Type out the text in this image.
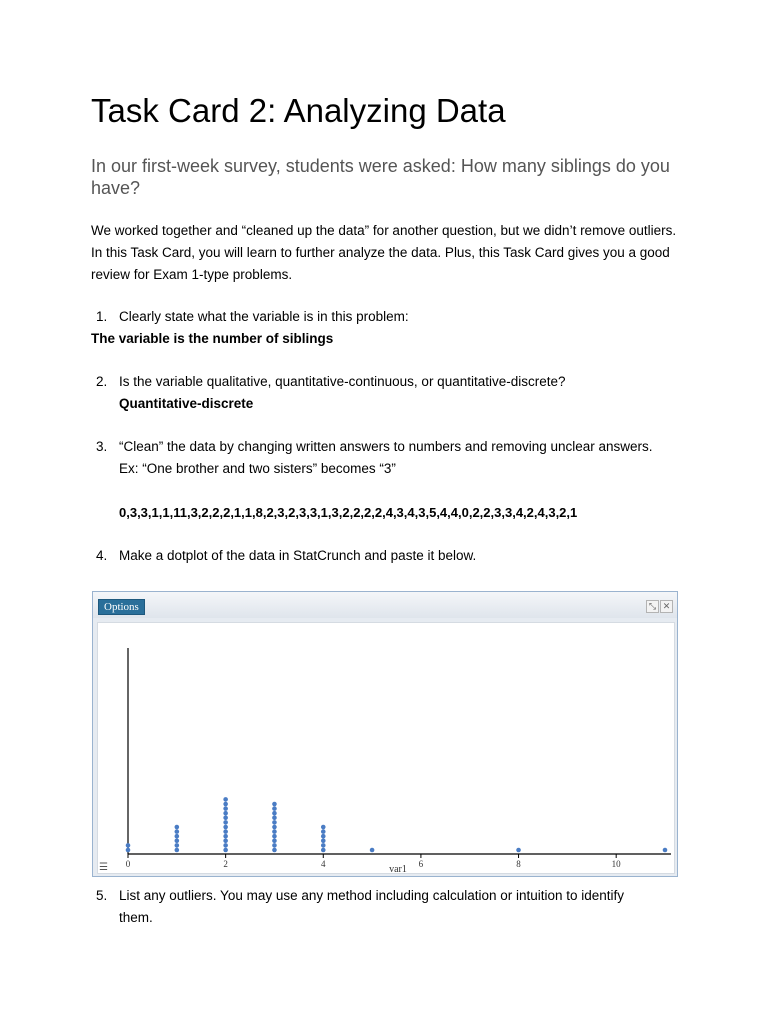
Task Card 2: Analyzing Data
In our first-week survey, students were asked: How many siblings do you have?
We worked together and “cleaned up the data” for another question, but we didn’t remove outliers. In this Task Card, you will learn to further analyze the data. Plus, this Task Card gives you a good review for Exam 1-type problems.
1. Clearly state what the variable is in this problem:
The variable is the number of siblings
2. Is the variable qualitative, quantitative-continuous, or quantitative-discrete?
Quantitative-discrete
3. “Clean” the data by changing written answers to numbers and removing unclear answers.
Ex: “One brother and two sisters” becomes “3”
0,3,3,1,1,11,3,2,2,2,1,1,8,2,3,2,3,3,1,3,2,2,2,2,4,3,4,3,5,4,4,0,2,2,3,3,4,2,4,3,2,1
4. Make a dotplot of the data in StatCrunch and paste it below.
Options	⤡ ✕
0	2	4	6	8	10
var1
☰
5. List any outliers. You may use any method including calculation or intuition to identify them.
